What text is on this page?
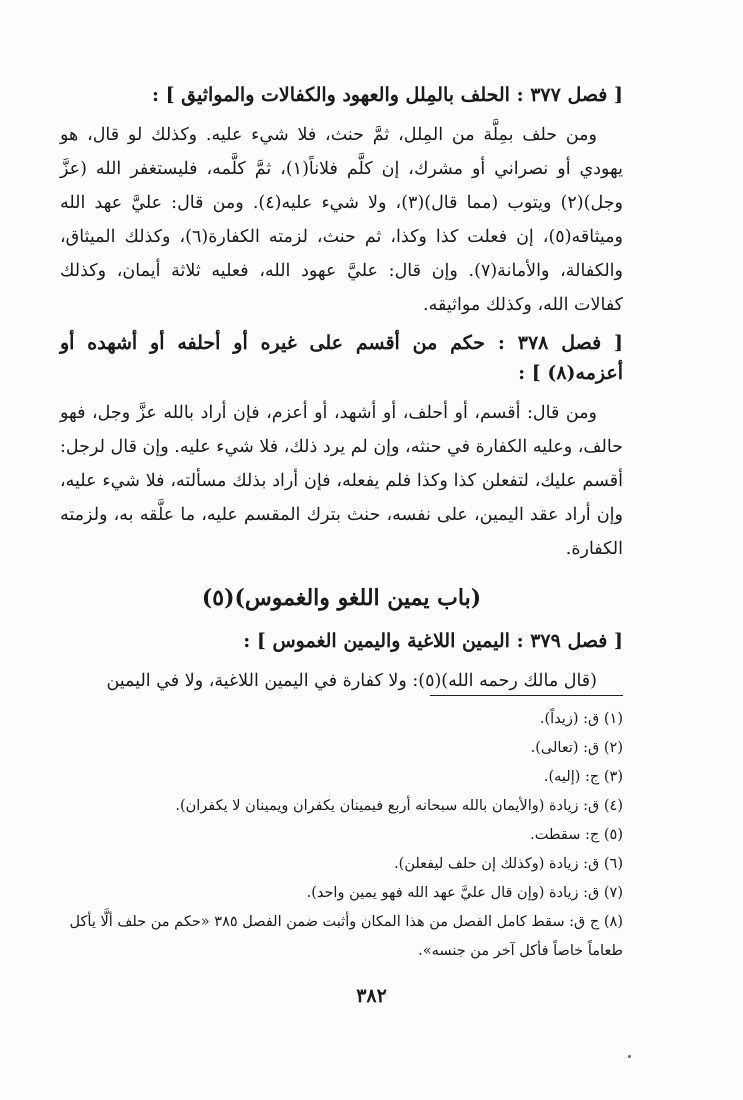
[ فصل ٣٧٧ : الحلف بالمِلل والعهود والكفالات والمواثيق ] :
ومن حلف بمِلَّة من المِلل، ثمَّ حنث، فلا شيء عليه. وكذلك لو قال، هو يهودي أو نصراني أو مشرك، إن كلَّم فلاناً(١)، ثمَّ كلَّمه، فليستغفر الله (عزَّ وجل)(٢) ويتوب (مما قال)(٣)، ولا شيء عليه(٤). ومن قال: عليَّ عهد الله وميثاقه(٥)، إن فعلت كذا وكذا، ثم حنث، لزمته الكفارة(٦)، وكذلك الميثاق، والكفالة، والأمانة(٧). وإن قال: عليَّ عهود الله، فعليه ثلاثة أيمان، وكذلك كفالات الله، وكذلك مواثيقه.
[ فصل ٣٧٨ : حكم من أقسم على غيره أو أحلفه أو أشهده أو أعزمه(٨) ] :
ومن قال: أقسم، أو أحلف، أو أشهد، أو أعزم، فإن أراد بالله عزَّ وجل، فهو حالف، وعليه الكفارة في حنثه، وإن لم يرد ذلك، فلا شيء عليه. وإن قال لرجل: أقسم عليك، لتفعلن كذا وكذا فلم يفعله، فإن أراد بذلك مسألته، فلا شيء عليه، وإن أراد عقد اليمين، على نفسه، حنث بترك المقسم عليه، ما علَّقه به، ولزمته الكفارة.
(باب يمين اللغو والغموس)(٥)
[ فصل ٣٧٩ : اليمين اللاغية واليمين الغموس ] :
(قال مالك رحمه الله)(٥): ولا كفارة في اليمين اللاغية، ولا في اليمين
(١) ق: (زيداً).
(٢) ق: (تعالى).
(٣) ج: (إليه).
(٤) ق: زيادة (والأيمان بالله سبحانه أربع فيمينان يكفران ويمينان لا يكفران).
(٥) ج: سقطت.
(٦) ق: زيادة (وكذلك إن حلف ليفعلن).
(٧) ق: زيادة (وإن قال عليَّ عهد الله فهو يمين واحد).
(٨) ج ق: سقط كامل الفصل من هذا المكان وأثبت ضمن الفصل ٣٨٥ «حكم من حلف ألَّا يأكل طعاماً خاصاً فأكل آخر من جنسه».
٣٨٢
